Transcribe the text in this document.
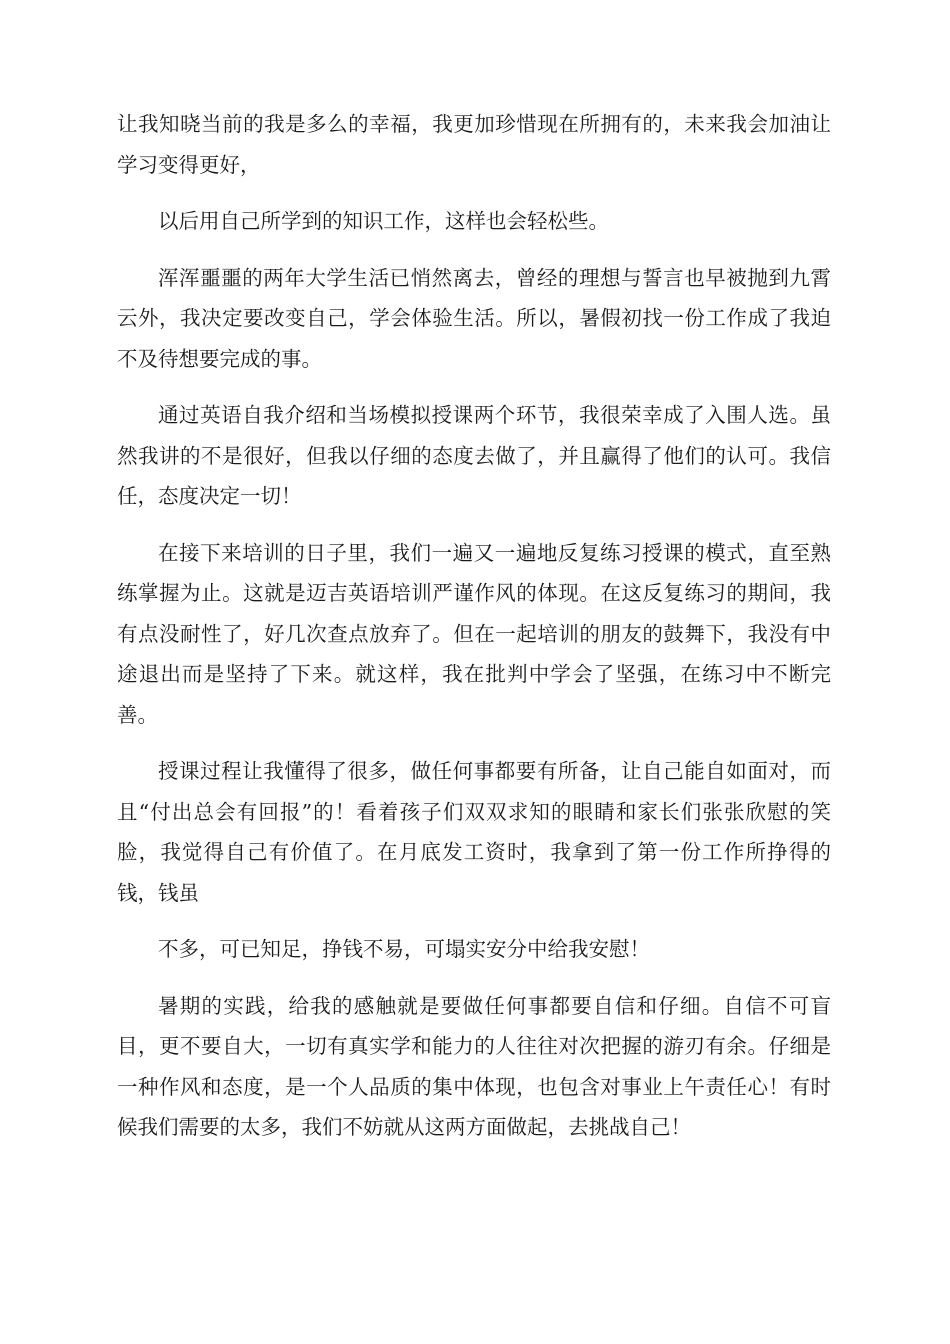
让我知晓当前的我是多么的幸福，我更加珍惜现在所拥有的，未来我会加油让学习变得更好，

以后用自己所学到的知识工作，这样也会轻松些。

浑浑噩噩的两年大学生活已悄然离去，曾经的理想与誓言也早被抛到九霄云外，我决定要改变自己，学会体验生活。所以，暑假初找一份工作成了我迫不及待想要完成的事。

通过英语自我介绍和当场模拟授课两个环节，我很荣幸成了入围人选。虽然我讲的不是很好，但我以仔细的态度去做了，并且赢得了他们的认可。我信任，态度决定一切！

在接下来培训的日子里，我们一遍又一遍地反复练习授课的模式，直至熟练掌握为止。这就是迈吉英语培训严谨作风的体现。在这反复练习的期间，我有点没耐性了，好几次查点放弃了。但在一起培训的朋友的鼓舞下，我没有中途退出而是坚持了下来。就这样，我在批判中学会了坚强，在练习中不断完善。

授课过程让我懂得了很多，做任何事都要有所备，让自己能自如面对，而且“付出总会有回报”的！看着孩子们双双求知的眼睛和家长们张张欣慰的笑脸，我觉得自己有价值了。在月底发工资时，我拿到了第一份工作所挣得的钱，钱虽

不多，可已知足，挣钱不易，可塌实安分中给我安慰！

暑期的实践，给我的感触就是要做任何事都要自信和仔细。自信不可盲目，更不要自大，一切有真实学和能力的人往往对次把握的游刃有余。仔细是一种作风和态度，是一个人品质的集中体现，也包含对事业上午责任心！有时候我们需要的太多，我们不妨就从这两方面做起，去挑战自己！
